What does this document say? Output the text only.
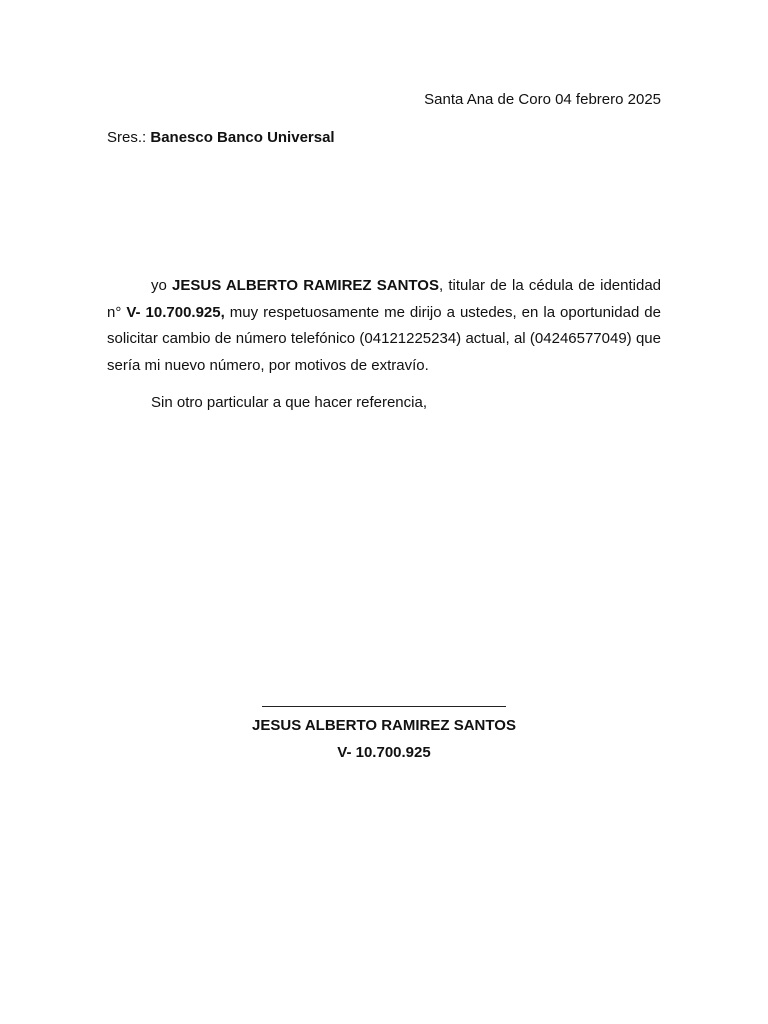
Santa Ana de Coro 04 febrero 2025
Sres.: Banesco Banco Universal

yo JESUS ALBERTO RAMIREZ SANTOS, titular de la cédula de identidad n° V- 10.700.925, muy respetuosamente me dirijo a ustedes, en la oportunidad de solicitar cambio de número telefónico (04121225234) actual, al (04246577049) que sería mi nuevo número, por motivos de extravío.

Sin otro particular a que hacer referencia,
JESUS ALBERTO RAMIREZ SANTOS
V- 10.700.925
